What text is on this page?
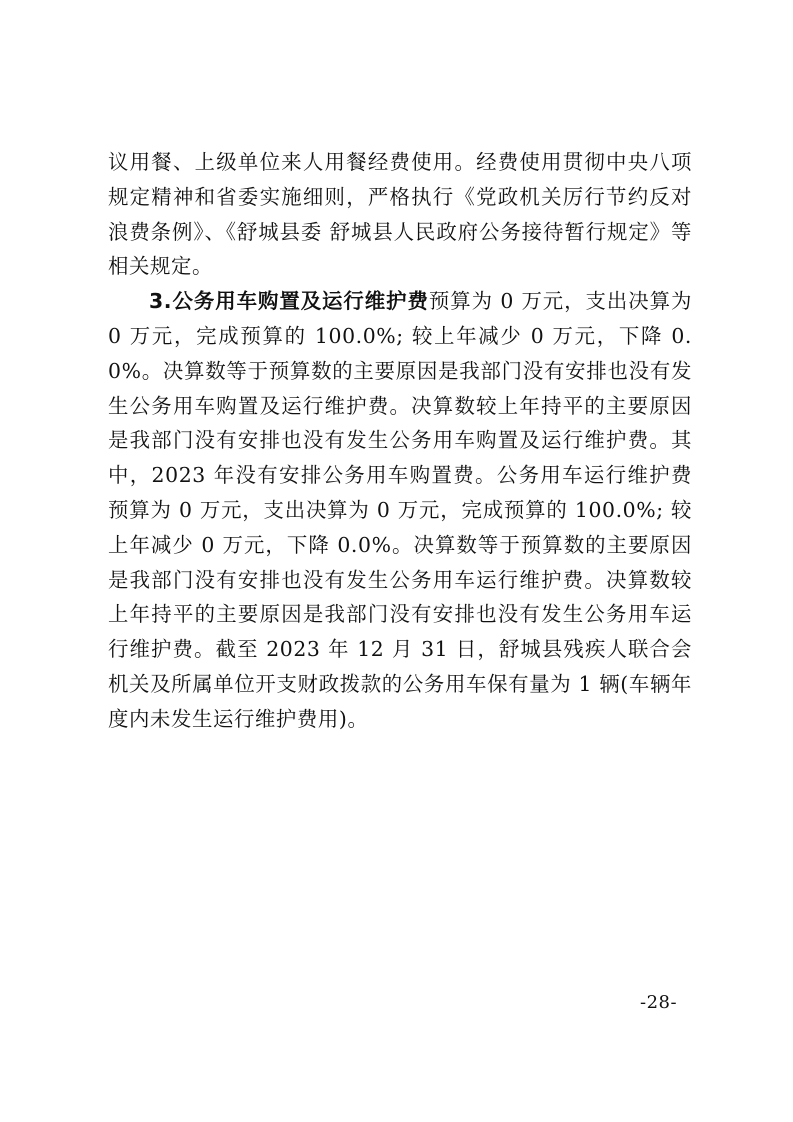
议用餐、上级单位来人用餐经费使用。经费使用贯彻中央八项规定精神和省委实施细则，严格执行《党政机关厉行节约反对浪费条例》、《舒城县委 舒城县人民政府公务接待暂行规定》等相关规定。

3.公务用车购置及运行维护费预算为 0 万元，支出决算为 0 万元，完成预算的 100.0%; 较上年减少 0 万元，下降 0.0%。决算数等于预算数的主要原因是我部门没有安排也没有发生公务用车购置及运行维护费。决算数较上年持平的主要原因是我部门没有安排也没有发生公务用车购置及运行维护费。其中，2023 年没有安排公务用车购置费。公务用车运行维护费预算为 0 万元，支出决算为 0 万元，完成预算的 100.0%; 较上年减少 0 万元，下降 0.0%。决算数等于预算数的主要原因是我部门没有安排也没有发生公务用车运行维护费。决算数较上年持平的主要原因是我部门没有安排也没有发生公务用车运行维护费。截至 2023 年 12 月 31 日，舒城县残疾人联合会机关及所属单位开支财政拨款的公务用车保有量为 1 辆(车辆年度内未发生运行维护费用)。

-28-
